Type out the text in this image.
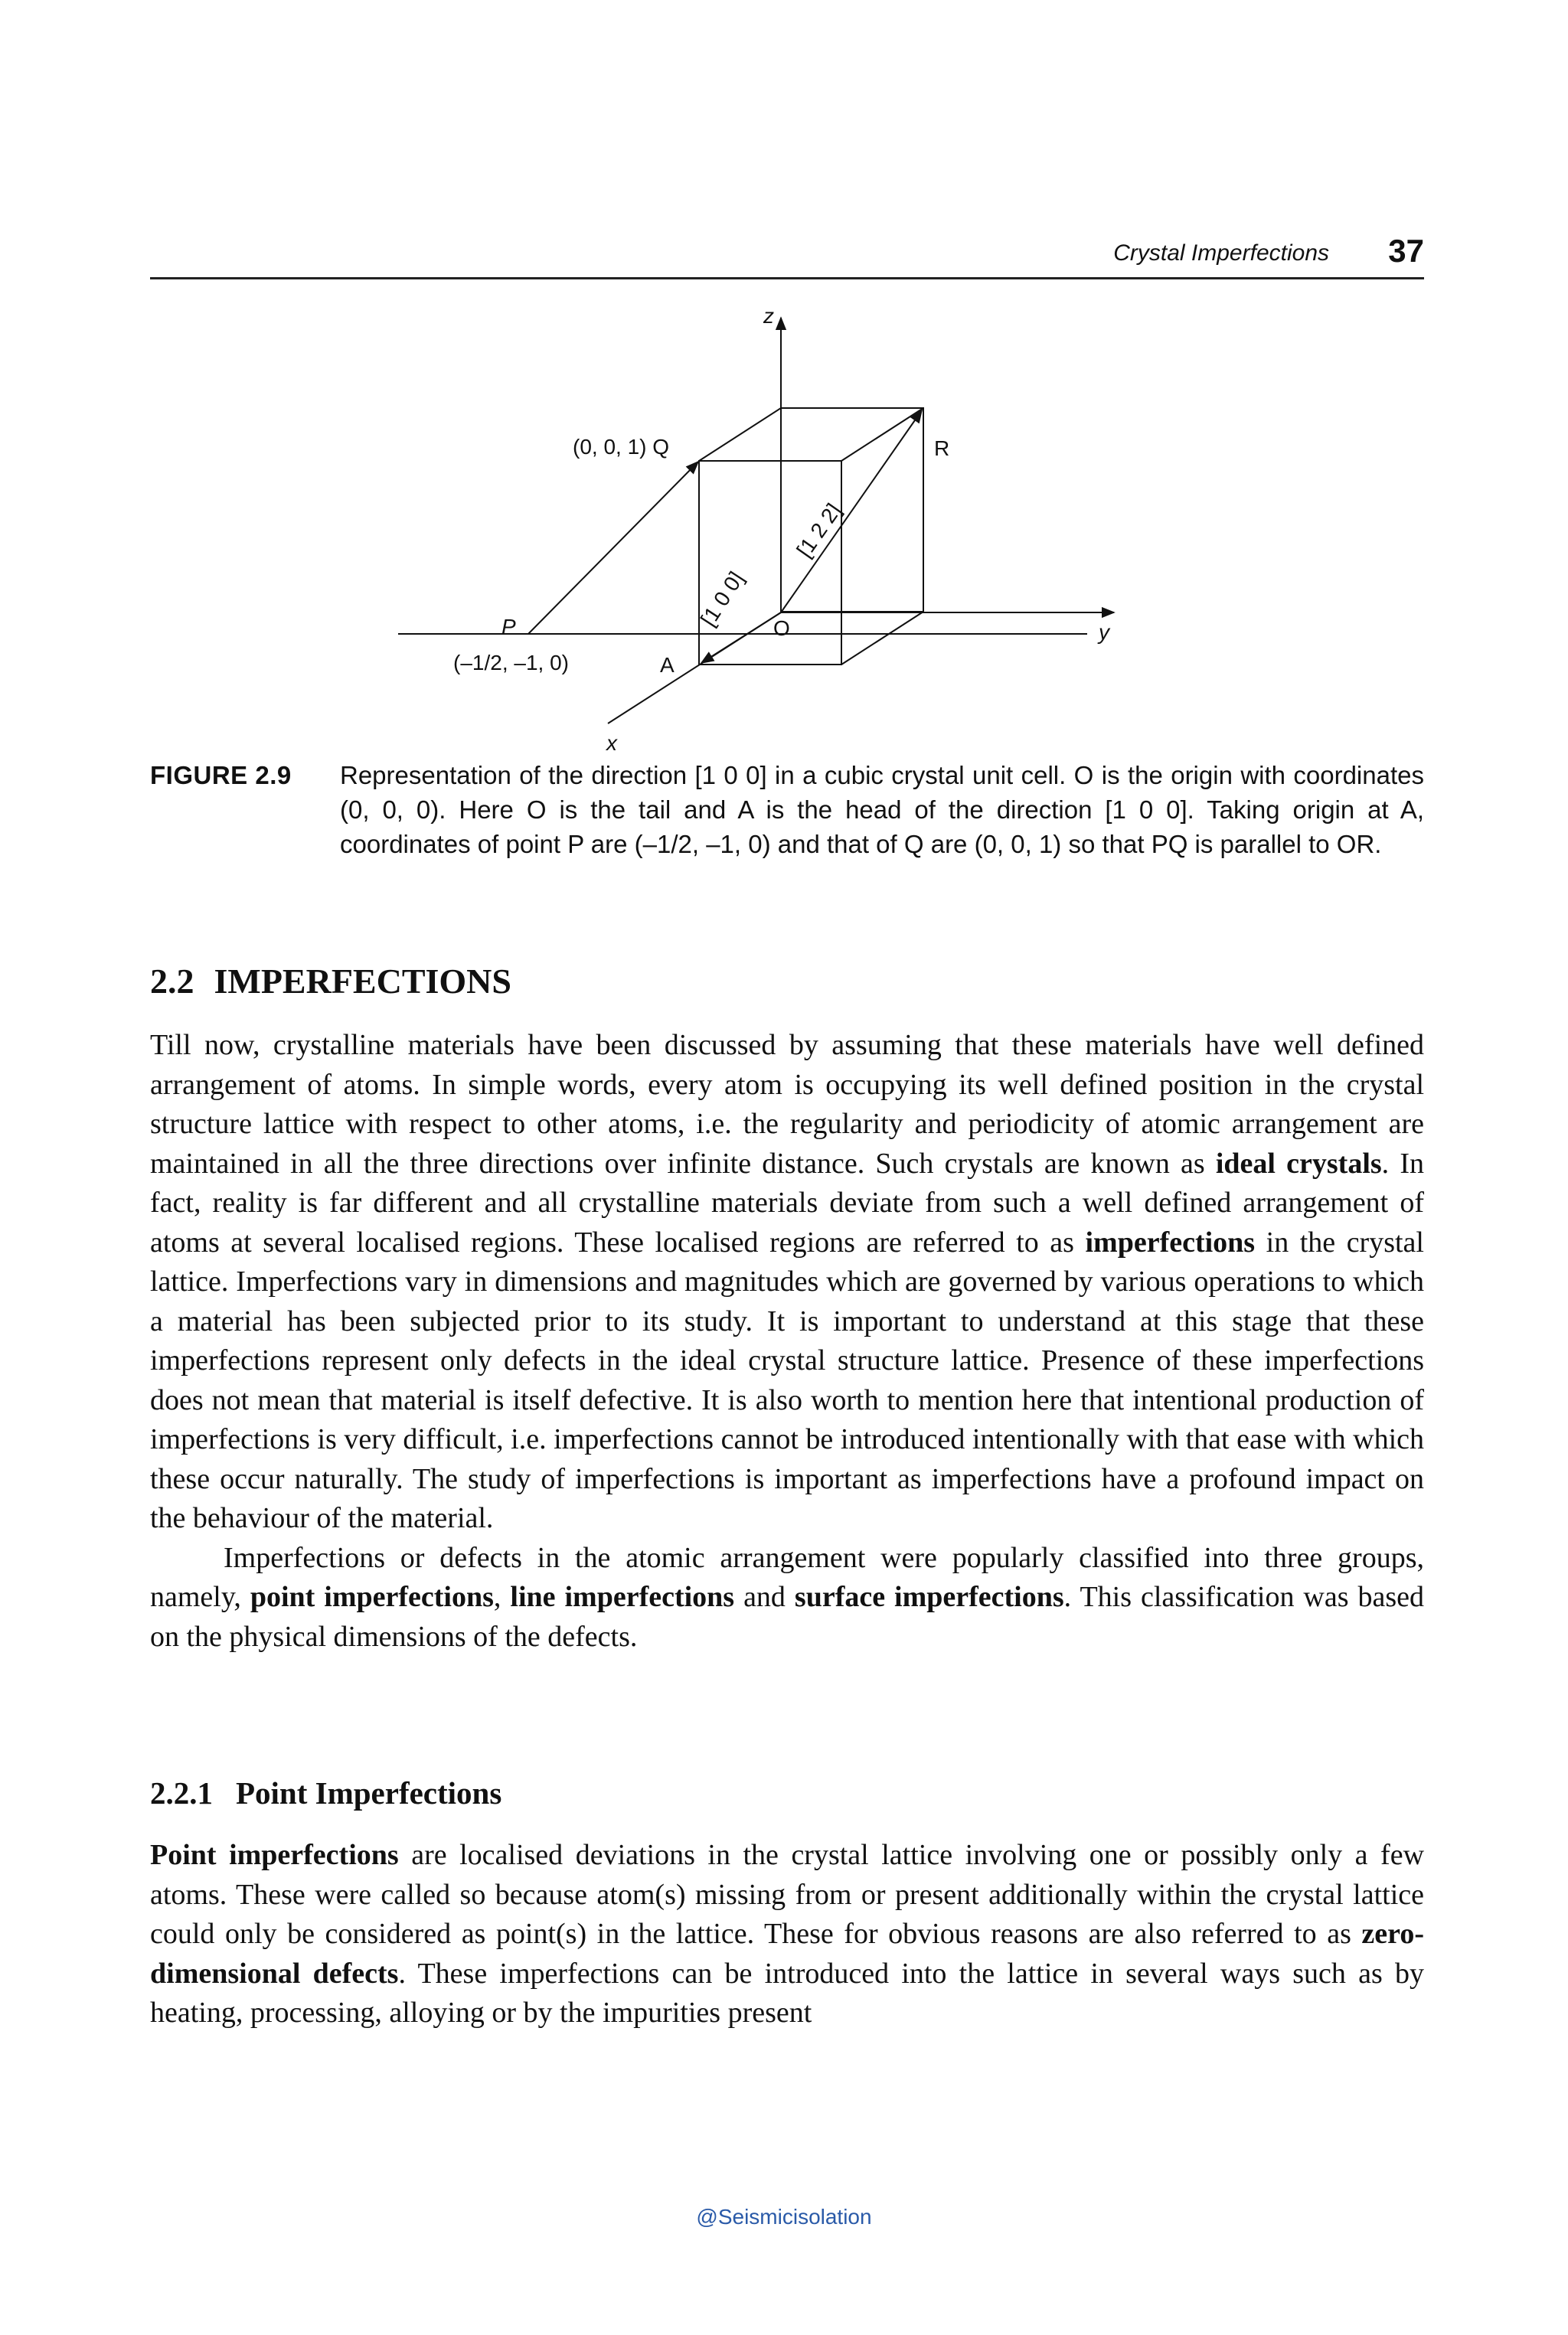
Crystal Imperfections 37
z
y
x
(0, 0, 1) Q	R
P
(–1/2, –1, 0)	A
O
[1 0 0]
[1 2 2]
FIGURE 2.9 Representation of the direction [1 0 0] in a cubic crystal unit cell. O is the origin with coordinates (0, 0, 0). Here O is the tail and A is the head of the direction [1 0 0]. Taking origin at A, coordinates of point P are (–1/2, –1, 0) and that of Q are (0, 0, 1) so that PQ is parallel to OR.
2.2 IMPERFECTIONS

Till now, crystalline materials have been discussed by assuming that these materials have well defined arrangement of atoms. In simple words, every atom is occupying its well defined position in the crystal structure lattice with respect to other atoms, i.e. the regularity and periodicity of atomic arrangement are maintained in all the three directions over infinite distance. Such crystals are known as ideal crystals. In fact, reality is far different and all crystalline materials deviate from such a well defined arrangement of atoms at several localised regions. These localised regions are referred to as imperfections in the crystal lattice. Imperfections vary in dimensions and magnitudes which are governed by various operations to which a material has been subjected prior to its study. It is important to understand at this stage that these imperfections represent only defects in the ideal crystal structure lattice. Presence of these imperfections does not mean that material is itself defective. It is also worth to mention here that intentional production of imperfections is very difficult, i.e. imperfections cannot be introduced intentionally with that ease with which these occur naturally. The study of imperfections is important as imperfections have a profound impact on the behaviour of the material.

Imperfections or defects in the atomic arrangement were popularly classified into three groups, namely, point imperfections, line imperfections and surface imperfections. This classification was based on the physical dimensions of the defects.

2.2.1 Point Imperfections

Point imperfections are localised deviations in the crystal lattice involving one or possibly only a few atoms. These were called so because atom(s) missing from or present additionally within the crystal lattice could only be considered as point(s) in the lattice. These for obvious reasons are also referred to as zero-dimensional defects. These imperfections can be introduced into the lattice in several ways such as by heating, processing, alloying or by the impurities present

@Seismicisolation
